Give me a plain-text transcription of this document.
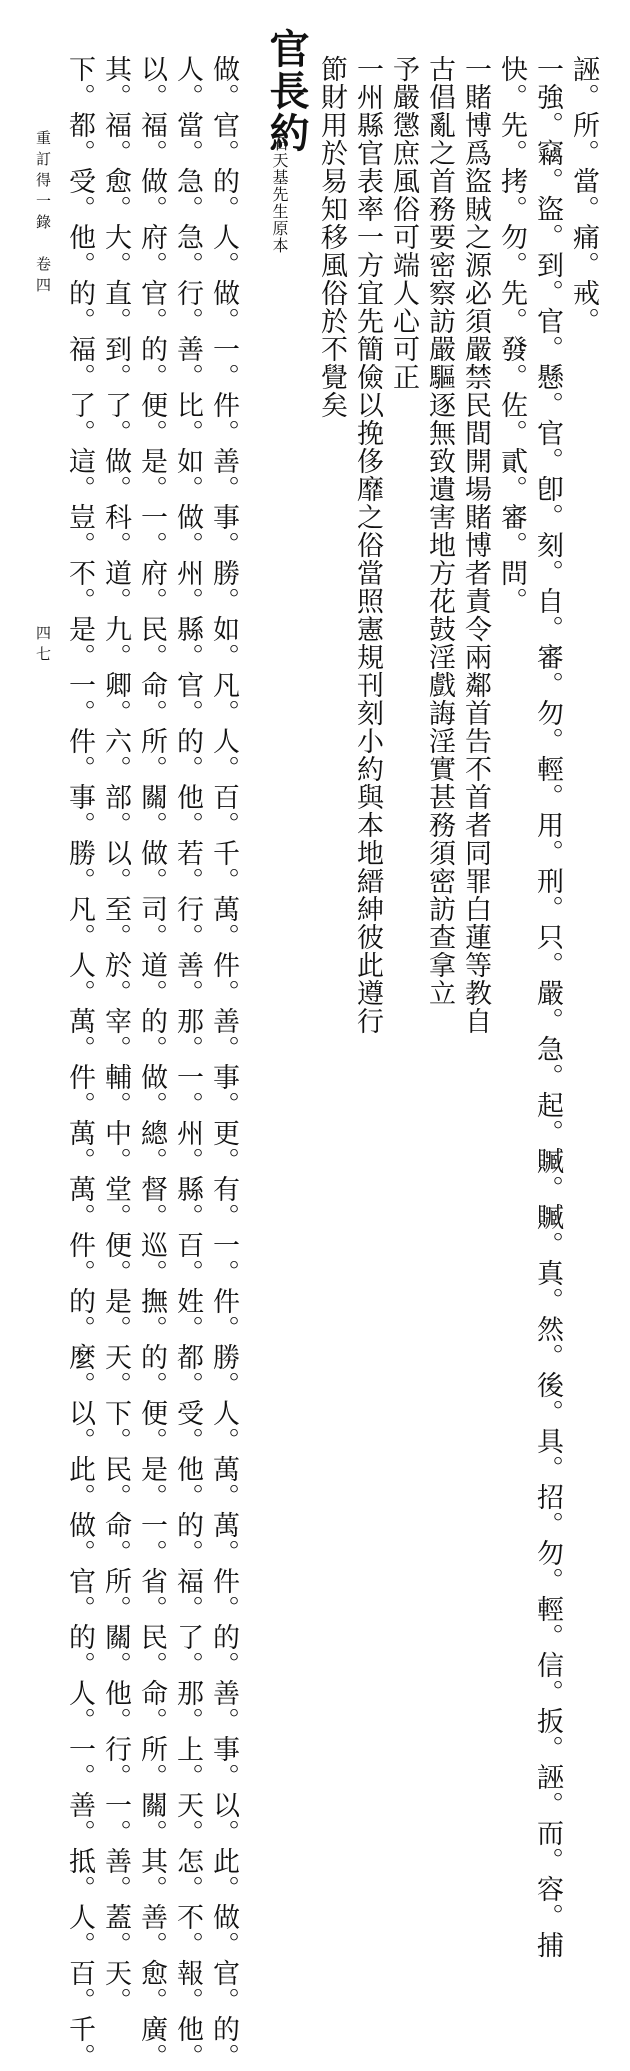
誣。所。當。痛。戒。
一強。竊。盜。到。官。懸。官。卽。刻。自。審。勿。輕。用。刑。只。嚴。急。起。贓。贓。真。然。後。具。招。勿。輕。信。扳。誣。而。容。捕
快。先。拷。勿。先。發。佐。貳。審。問。
一賭博爲盜賊之源必須嚴禁民間開場賭博者責令兩鄰首告不首者同罪白蓮等教自
古倡亂之首務要密察訪嚴驅逐無致遺害地方花鼓淫戲誨淫實甚務須密訪查拿立
予嚴懲庶風俗可端人心可正
一州縣官表率一方宜先簡儉以挽侈靡之俗當照憲規刊刻小約與本地縉紳彼此遵行
節財用於易知移風俗於不覺矣
官長約
石天基先生原本
做。官。的。人。做。一。件。善。事。勝。如。凡。人。百。千。萬。件。善。事。更。有。一。件。勝。人。萬。萬。件。的。善。事。以。此。做。官。的。
人。當。急。急。行。善。比。如。做。州。縣。官。的。他。若。行。善。那。一。州。縣。百。姓。都。受。他。的。福。了。那。上。天。怎。不。報。他。
以。福。做。府。官。的。便。是。一。府。民。命。所。關。做。司。道。的。做。總。督。巡。撫。的。便。是。一。省。民。命。所。關。其。善。愈。廣。
其。福。愈。大。直。到。了。做。科。道。九。卿。六。部。以。至。於。宰。輔。中。堂。便。是。天。下。民。命。所。關。他。行。一。善。蓋。天。
下。都。受。他。的。福。了。這。豈。不。是。一。件。事。勝。凡。人。萬。件。萬。萬。件。的。麼。以。此。做。官。的。人。一。善。抵。人。百。千。
重訂得一錄　卷四
四七
